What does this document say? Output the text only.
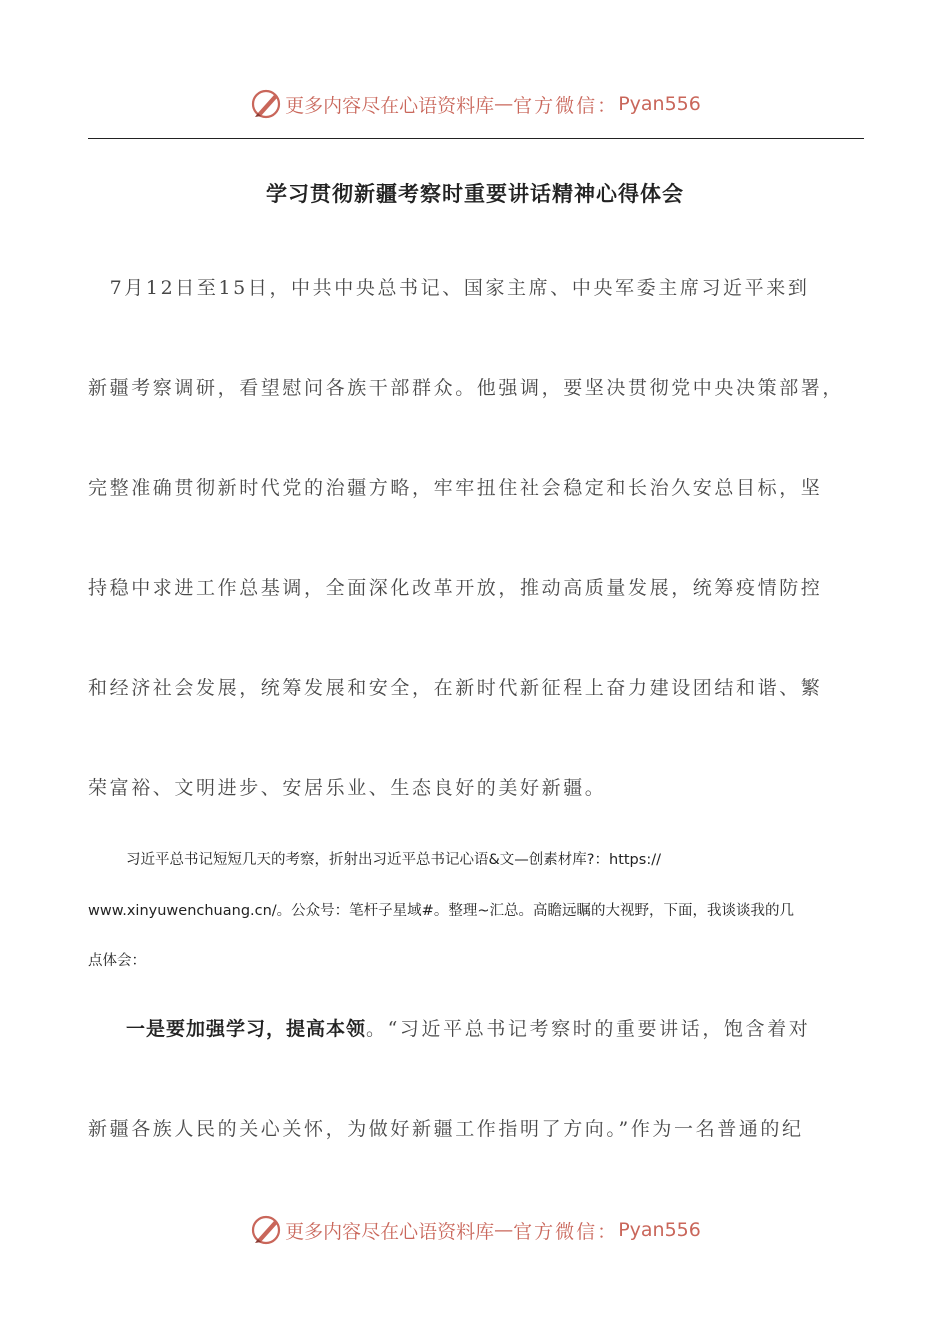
更多内容尽在心语资料库 — 官方微信： Pyan556
学习贯彻新疆考察时重要讲话精神心得体会
　7月12日至15日，中共中央总书记、国家主席、中央军委主席习近平来到
新疆考察调研，看望慰问各族干部群众。他强调，要坚决贯彻党中央决策部署，
完整准确贯彻新时代党的治疆方略，牢牢扭住社会稳定和长治久安总目标，坚
持稳中求进工作总基调，全面深化改革开放，推动高质量发展，统筹疫情防控
和经济社会发展，统筹发展和安全，在新时代新征程上奋力建设团结和谐、繁
荣富裕、文明进步、安居乐业、生态良好的美好新疆。
习近平总书记短短几天的考察，折射出习近平总书记心语&文—创素材库?：https://
www.xinyuwenchuang.cn/。公众号：笔杆子星域#。整理~汇总。高瞻远瞩的大视野，下面，我谈谈我的几
点体会：
一是要加强学习，提高本领。“习近平总书记考察时的重要讲话，饱含着对
新疆各族人民的关心关怀，为做好新疆工作指明了方向。”作为一名普通的纪
更多内容尽在心语资料库 — 官方微信： Pyan556
